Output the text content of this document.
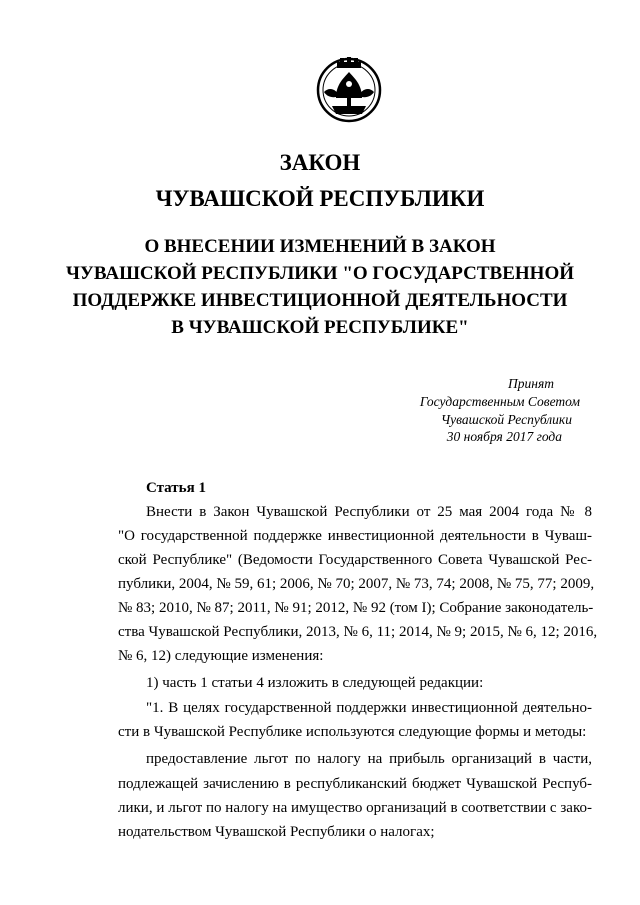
ЗАКОН
ЧУВАШСКОЙ РЕСПУБЛИКИ
О ВНЕСЕНИИ ИЗМЕНЕНИЙ В ЗАКОН
ЧУВАШСКОЙ РЕСПУБЛИКИ "О ГОСУДАРСТВЕННОЙ
ПОДДЕРЖКЕ ИНВЕСТИЦИОННОЙ ДЕЯТЕЛЬНОСТИ
В ЧУВАШСКОЙ РЕСПУБЛИКЕ"
Принят
Государственным Советом
Чувашской Республики
30 ноября 2017 года
Статья 1
Внести в Закон Чувашской Республики от 25 мая 2004 года № 8
"О государственной поддержке инвестиционной деятельности в Чуваш-
ской Республике" (Ведомости Государственного Совета Чувашской Рес-
публики, 2004, № 59, 61; 2006, № 70; 2007, № 73, 74; 2008, № 75, 77; 2009,
№ 83; 2010, № 87; 2011, № 91; 2012, № 92 (том I); Собрание законодатель-
ства Чувашской Республики, 2013, № 6, 11; 2014, № 9; 2015, № 6, 12; 2016,
№ 6, 12) следующие изменения:
1) часть 1 статьи 4 изложить в следующей редакции:
"1. В целях государственной поддержки инвестиционной деятельно-
сти в Чувашской Республике используются следующие формы и методы:
предоставление льгот по налогу на прибыль организаций в части,
подлежащей зачислению в республиканский бюджет Чувашской Респуб-
лики, и льгот по налогу на имущество организаций в соответствии с зако-
нодательством Чувашской Республики о налогах;
